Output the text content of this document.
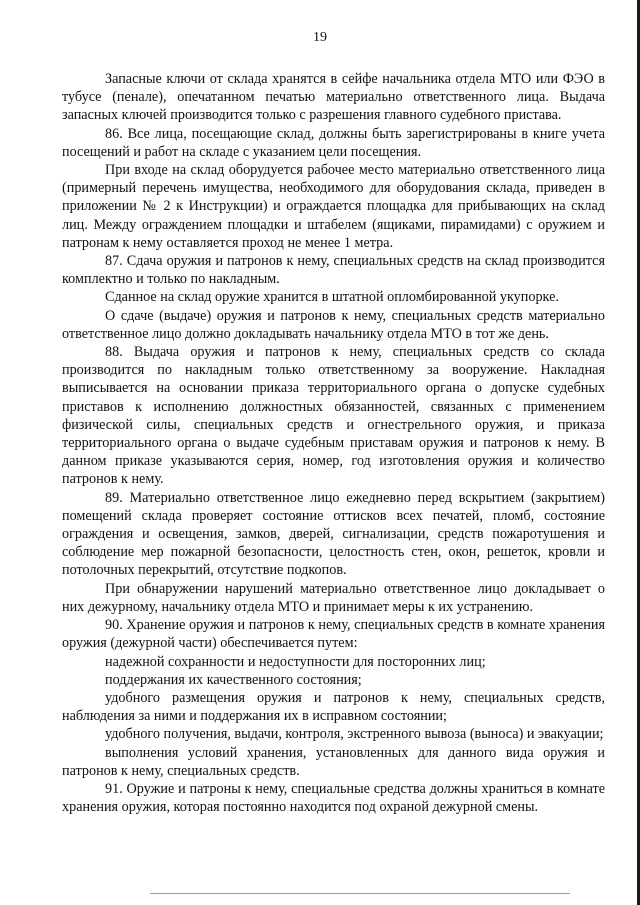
19

Запасные ключи от склада хранятся в сейфе начальника отдела МТО или ФЭО в тубусе (пенале), опечатанном печатью материально ответственного лица. Выдача запасных ключей производится только с разрешения главного судебного пристава.

86. Все лица, посещающие склад, должны быть зарегистрированы в книге учета посещений и работ на складе с указанием цели посещения.

При входе на склад оборудуется рабочее место материально ответственного лица (примерный перечень имущества, необходимого для оборудования склада, приведен в приложении № 2 к Инструкции) и ограждается площадка для прибывающих на склад лиц. Между ограждением площадки и штабелем (ящиками, пирамидами) с оружием и патронам к нему оставляется проход не менее 1 метра.

87. Сдача оружия и патронов к нему, специальных средств на склад производится комплектно и только по накладным.

Сданное на склад оружие хранится в штатной опломбированной укупорке.

О сдаче (выдаче) оружия и патронов к нему, специальных средств материально ответственное лицо должно докладывать начальнику отдела МТО в тот же день.

88. Выдача оружия и патронов к нему, специальных средств со склада производится по накладным только ответственному за вооружение. Накладная выписывается на основании приказа территориального органа о допуске судебных приставов к исполнению должностных обязанностей, связанных с применением физической силы, специальных средств и огнестрельного оружия, и приказа территориального органа о выдаче судебным приставам оружия и патронов к нему. В данном приказе указываются серия, номер, год изготовления оружия и количество патронов к нему.

89. Материально ответственное лицо ежедневно перед вскрытием (закрытием) помещений склада проверяет состояние оттисков всех печатей, пломб, состояние ограждения и освещения, замков, дверей, сигнализации, средств пожаротушения и соблюдение мер пожарной безопасности, целостность стен, окон, решеток, кровли и потолочных перекрытий, отсутствие подкопов.

При обнаружении нарушений материально ответственное лицо докладывает о них дежурному, начальнику отдела МТО и принимает меры к их устранению.

90. Хранение оружия и патронов к нему, специальных средств в комнате хранения оружия (дежурной части) обеспечивается путем:

надежной сохранности и недоступности для посторонних лиц;

поддержания их качественного состояния;

удобного размещения оружия и патронов к нему, специальных средств, наблюдения за ними и поддержания их в исправном состоянии;

удобного получения, выдачи, контроля, экстренного вывоза (выноса) и эвакуации;

выполнения условий хранения, установленных для данного вида оружия и патронов к нему, специальных средств.

91. Оружие и патроны к нему, специальные средства должны храниться в комнате хранения оружия, которая постоянно находится под охраной дежурной смены.
